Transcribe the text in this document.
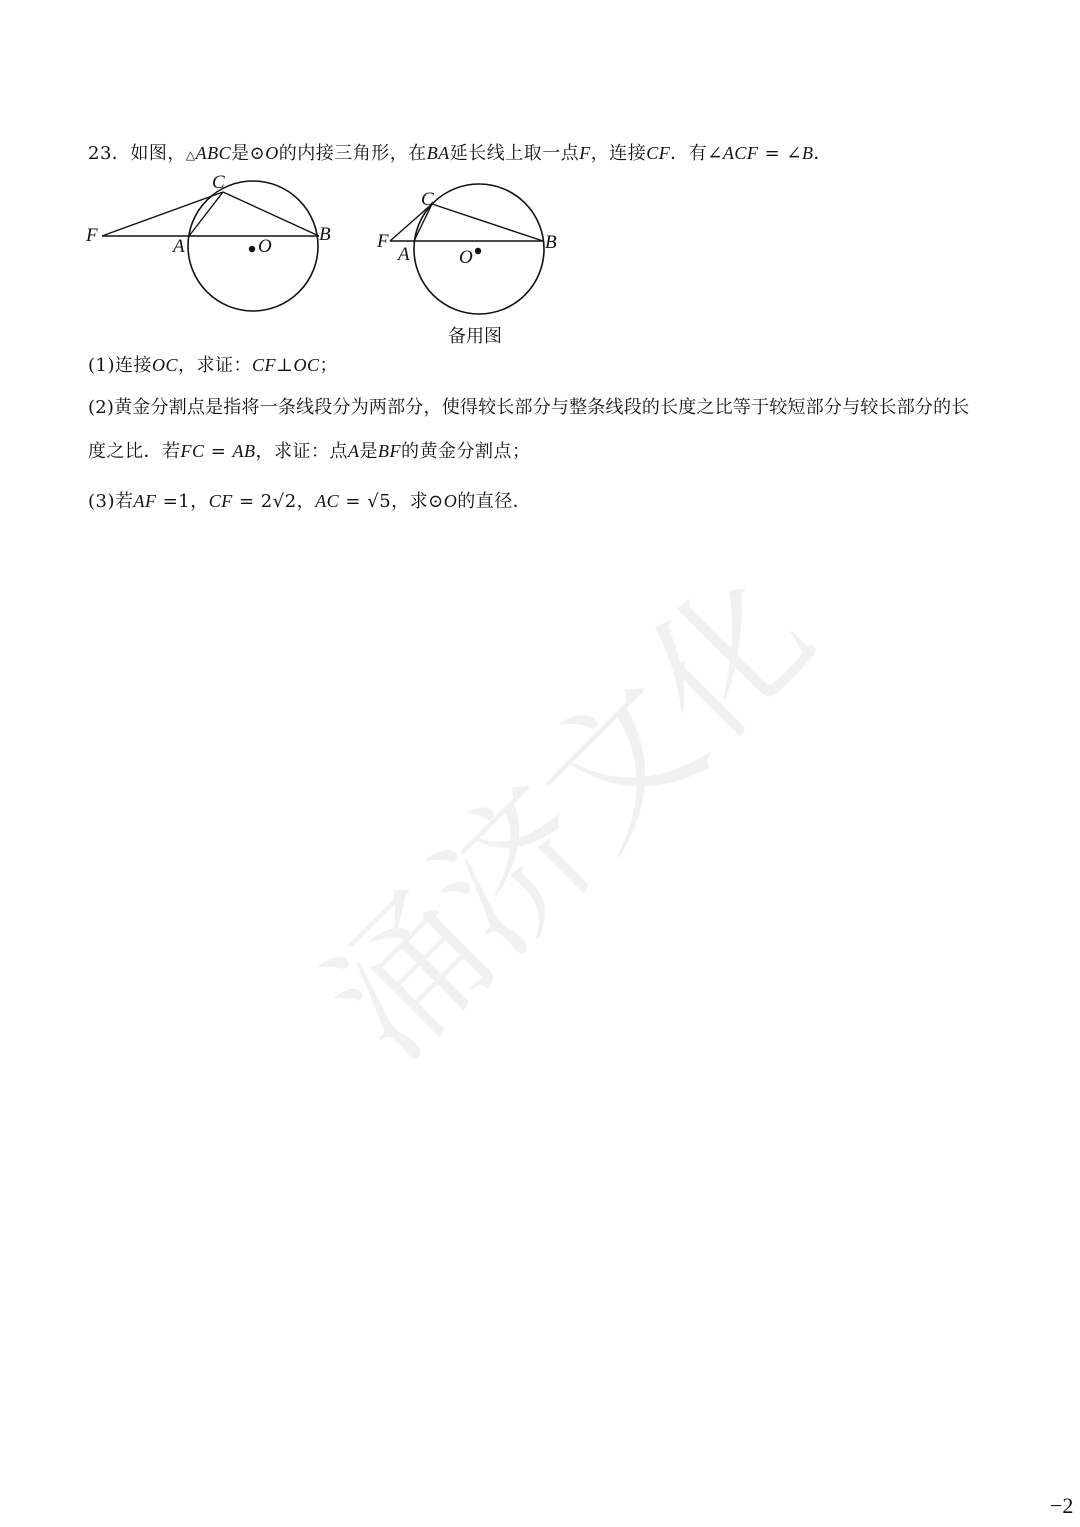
23．如图，△ABC是⊙O的内接三角形，在BA延长线上取一点F，连接CF．有∠ACF = ∠B．
C
F
A	O
B
C
F
A	O
B
备用图
(1)连接OC，求证：CF⊥OC；
(2)黄金分割点是指将一条线段分为两部分，使得较长部分与整条线段的长度之比等于较短部分与较长部分的长
度之比．若FC = AB，求证：点A是BF的黄金分割点；
(3)若AF =1，CF = 2√2，AC = √5，求⊙O的直径．
涌济文化
−2
